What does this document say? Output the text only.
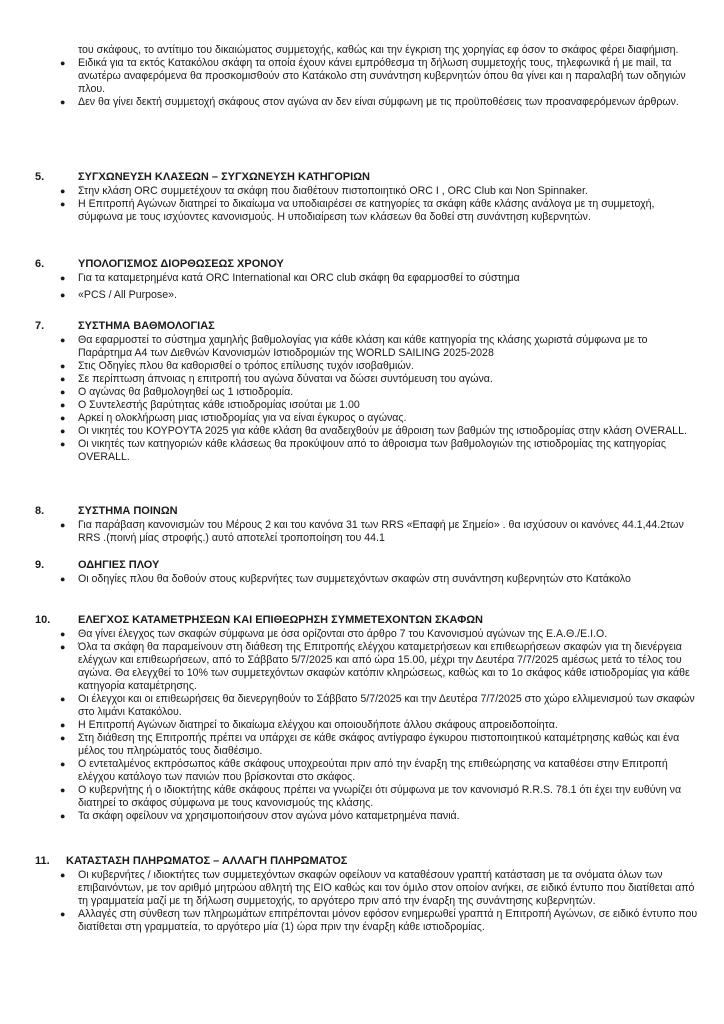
του σκάφους, το αντίτιμο του δικαιώματος συμμετοχής, καθώς και την έγκριση της χορηγίας εφ όσον το σκάφος φέρει διαφήμιση.
● Ειδικά για τα εκτός Κατακόλου σκάφη τα οποία έχουν κάνει εμπρόθεσμα τη δήλωση συμμετοχής τους, τηλεφωνικά ή με mail, τα ανωτέρω αναφερόμενα θα προσκομισθούν στο Κατάκολο στη συνάντηση κυβερνητών όπου θα γίνει και η παραλαβή των οδηγιών πλου.
● Δεν θα γίνει δεκτή συμμετοχή σκάφους στον αγώνα αν δεν είναι σύμφωνη με τις προϋποθέσεις των προαναφερόμενων άρθρων.
5.	ΣΥΓΧΩΝΕΥΣΗ ΚΛΑΣΕΩΝ – ΣΥΓΧΩΝΕΥΣΗ ΚΑΤΗΓΟΡΙΩΝ
● Στην κλάση ORC συμμετέχουν τα σκάφη που διαθέτουν πιστοποιητικό ORC I , ORC Club και Non Spinnaker.
● Η Επιτροπή Αγώνων διατηρεί το δικαίωμα να υποδιαιρέσει σε κατηγορίες τα σκάφη κάθε κλάσης ανάλογα με τη συμμετοχή, σύμφωνα με τους ισχύοντες κανονισμούς. Η υποδιαίρεση των κλάσεων θα δοθεί στη συνάντηση κυβερνητών.
6.	ΥΠΟΛΟΓΙΣΜΟΣ ΔΙΟΡΘΩΣΕΩΣ ΧΡΟΝΟΥ
● Για τα καταμετρημένα κατά ORC International και ORC club σκάφη θα εφαρμοσθεί το σύστημα
● «PCS / All Purpose».
7.	ΣΥΣΤΗΜΑ ΒΑΘΜΟΛΟΓΙΑΣ
● Θα εφαρμοστεί το σύστημα χαμηλής βαθμολογίας για κάθε κλάση και κάθε κατηγορία της κλάσης χωριστά σύμφωνα με το Παράρτημα Α4 των Διεθνών Κανονισμών Ιστιοδρομιών της WORLD SAILING 2025-2028
● Στις Οδηγίες πλου θα καθορισθεί ο τρόπος επίλυσης τυχόν ισοβαθμιών.
● Σε περίπτωση άπνοιας η επιτροπή του αγώνα δύναται να δώσει συντόμευση του αγώνα.
● Ο αγώνας θα βαθμολογηθεί ως 1 ιστιοδρομία.
● Ο Συντελεστής βαρύτητας κάθε ιστιοδρομίας ισούται με 1.00
● Αρκεί η ολοκλήρωση μιας ιστιοδρομίας για να είναι έγκυρος ο αγώνας.
● Οι νικητές του ΚΟΥΡΟΥΤΑ 2025 για κάθε κλάση θα αναδειχθούν με άθροιση των βαθμών της ιστιοδρομίας στην κλάση OVERALL.
● Οι νικητές των κατηγοριών κάθε κλάσεως θα προκύψουν από το άθροισμα των βαθμολογιών της ιστιοδρομίας της κατηγορίας OVERALL.
8.	ΣΥΣΤΗΜΑ ΠΟΙΝΩΝ
● Για παράβαση κανονισμών του Μέρους 2 και του κανόνα 31 των RRS «Επαφή με Σημείο» . θα ισχύσουν οι κανόνες 44.1,44.2των RRS .(ποινή μίας στροφής.) αυτό αποτελεί τροποποίηση του 44.1
9.	ΟΔΗΓΙΕΣ ΠΛΟΥ
● Οι οδηγίες πλου θα δοθούν στους κυβερνήτες των συμμετεχόντων σκαφών στη συνάντηση κυβερνητών στο Κατάκολο
10.	ΕΛΕΓΧΟΣ ΚΑΤΑΜΕΤΡΗΣΕΩΝ ΚΑΙ ΕΠΙΘΕΩΡΗΣΗ ΣΥΜΜΕΤΕΧΟΝΤΩΝ ΣΚΑΦΩΝ
● Θα γίνει έλεγχος των σκαφών σύμφωνα με όσα ορίζονται στο άρθρο 7 του Κανονισμού αγώνων της Ε.Α.Θ./Ε.Ι.Ο.
● Όλα τα σκάφη θα παραμείνουν στη διάθεση της Επιτροπής ελέγχου καταμετρήσεων και επιθεωρήσεων σκαφών για τη διενέργεια ελέγχων και επιθεωρήσεων, από το Σάββατο 5/7/2025 και από ώρα 15.00, μέχρι την Δευτέρα 7/7/2025 αμέσως μετά το τέλος του αγώνα. Θα ελεγχθεί το 10% των συμμετεχόντων σκαφών κατόπιν κληρώσεως, καθώς και το 1ο σκάφος κάθε ιστιοδρομίας για κάθε κατηγορία καταμέτρησης.
● Οι έλεγχοι και οι επιθεωρήσεις θα διενεργηθούν το Σάββατο 5/7/2025 και την Δευτέρα 7/7/2025 στο χώρο ελλιμενισμού των σκαφών στο λιμάνι Κατακόλου.
● Η Επιτροπή Αγώνων διατηρεί το δικαίωμα ελέγχου και οποιουδήποτε άλλου σκάφους απροειδοποίητα.
● Στη διάθεση της Επιτροπής πρέπει να υπάρχει σε κάθε σκάφος αντίγραφο έγκυρου πιστοποιητικού καταμέτρησης καθώς και ένα μέλος του πληρώματός τους διαθέσιμο.
● Ο εντεταλμένος εκπρόσωπος κάθε σκάφους υποχρεούται πριν από την έναρξη της επιθεώρησης να καταθέσει στην Επιτροπή ελέγχου κατάλογο των πανιών που βρίσκονται στο σκάφος.
● Ο κυβερνήτης ή ο ιδιοκτήτης κάθε σκάφους πρέπει να γνωρίζει ότι σύμφωνα με τον κανονισμό R.R.S. 78.1 ότι έχει την ευθύνη να διατηρεί το σκάφος σύμφωνα με τους κανονισμούς της κλάσης.
● Τα σκάφη οφείλουν να χρησιμοποιήσουν στον αγώνα μόνο καταμετρημένα πανιά.
11. ΚΑΤΑΣΤΑΣΗ ΠΛΗΡΩΜΑΤΟΣ – ΑΛΛΑΓΗ ΠΛΗΡΩΜΑΤΟΣ
● Οι κυβερνήτες / ιδιοκτήτες των συμμετεχόντων σκαφών οφείλουν να καταθέσουν γραπτή κατάσταση με τα ονόματα όλων των επιβαινόντων, με τον αριθμό μητρώου αθλητή της ΕΙΟ καθώς και τον όμιλο στον οποίον ανήκει, σε ειδικό έντυπο που διατίθεται από τη γραμματεία μαζί με τη δήλωση συμμετοχής, το αργότερο πριν από την έναρξη της συνάντησης κυβερνητών.
● Αλλαγές στη σύνθεση των πληρωμάτων επιτρέπονται μόνον εφόσον ενημερωθεί γραπτά η Επιτροπή Αγώνων, σε ειδικό έντυπο που διατίθεται στη γραμματεία, το αργότερο μία (1) ώρα πριν την έναρξη κάθε ιστιοδρομίας.
